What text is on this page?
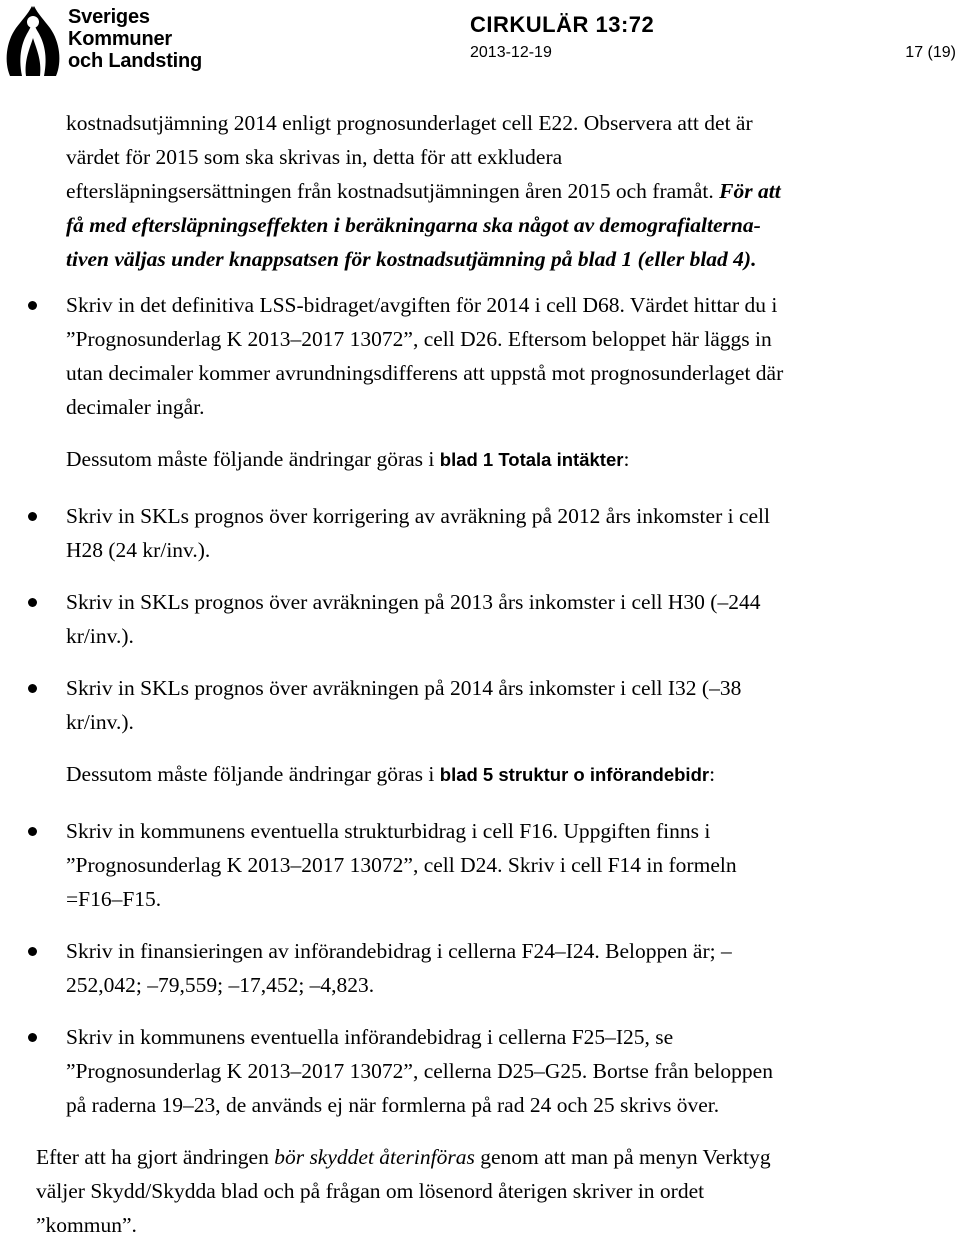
Sveriges
Kommuner
och Landsting
CIRKULÄR 13:72
2013-12-19	17 (19)
kostnadsutjämning 2014 enligt prognosunderlaget cell E22. Observera att det är
värdet för 2015 som ska skrivas in, detta för att exkludera
eftersläpningsersättningen från kostnadsutjämningen åren 2015 och framåt. För att
få med eftersläpningseffekten i beräkningarna ska något av demografialterna-
tiven väljas under knappsatsen för kostnadsutjämning på blad 1 (eller blad 4).
Skriv in det definitiva LSS-bidraget/avgiften för 2014 i cell D68. Värdet hittar du i
”Prognosunderlag K 2013–2017 13072”, cell D26. Eftersom beloppet här läggs in
utan decimaler kommer avrundningsdifferens att uppstå mot prognosunderlaget där
decimaler ingår.
Dessutom måste följande ändringar göras i blad 1 Totala intäkter:
Skriv in SKLs prognos över korrigering av avräkning på 2012 års inkomster i cell
H28 (24 kr/inv.).
Skriv in SKLs prognos över avräkningen på 2013 års inkomster i cell H30 (–244
kr/inv.).
Skriv in SKLs prognos över avräkningen på 2014 års inkomster i cell I32 (–38
kr/inv.).
Dessutom måste följande ändringar göras i blad 5 struktur o införandebidr:
Skriv in kommunens eventuella strukturbidrag i cell F16. Uppgiften finns i
”Prognosunderlag K 2013–2017 13072”, cell D24. Skriv i cell F14 in formeln
=F16–F15.
Skriv in finansieringen av införandebidrag i cellerna F24–I24. Beloppen är; –
252,042; –79,559; –17,452; –4,823.
Skriv in kommunens eventuella införandebidrag i cellerna F25–I25, se
”Prognosunderlag K 2013–2017 13072”, cellerna D25–G25. Bortse från beloppen
på raderna 19–23, de används ej när formlerna på rad 24 och 25 skrivs över.
Efter att ha gjort ändringen bör skyddet återinföras genom att man på menyn Verktyg
väljer Skydd/Skydda blad och på frågan om lösenord återigen skriver in ordet
”kommun”.
